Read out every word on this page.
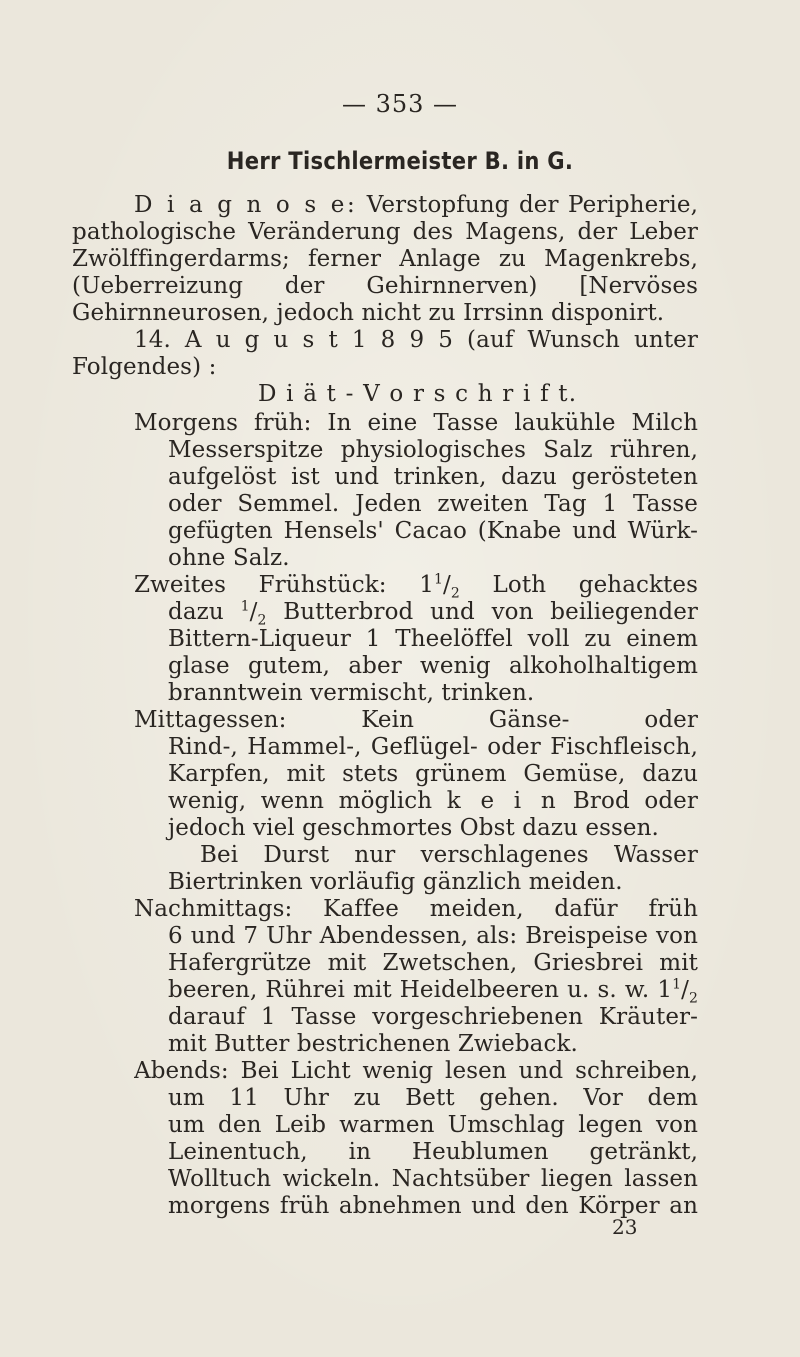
— 353 —
Herr Tischlermeister B. in G.
D i a g n o s e: Verstopfung der Peripherie,
pathologische Veränderung des Magens, der Leber
Zwölffingerdarms; ferner Anlage zu Magenkrebs,
(Ueberreizung der Gehirnnerven) [Nervöses
Gehirnneurosen, jedoch nicht zu Irrsinn disponirt.
14. A u g u s t 1 8 9 5 (auf Wunsch unter
Folgendes) :
D i ä t - V o r s c h r i f t.
Morgens früh: In eine Tasse laukühle Milch
Messerspitze physiologisches Salz rühren,
aufgelöst ist und trinken, dazu gerösteten
oder Semmel. Jeden zweiten Tag 1 Tasse
gefügten Hensels' Cacao (Knabe und Würk-
ohne Salz.
Zweites Frühstück: $1^1/_2$ Loth gehacktes
dazu $^1/_2$ Butterbrod und von beiliegender
Bittern-Liqueur 1 Theelöffel voll zu einem
glase gutem, aber wenig alkoholhaltigem
branntwein vermischt, trinken.
Mittagessen: Kein Gänse- oder
Rind-, Hammel-, Geflügel- oder Fischfleisch,
Karpfen, mit stets grünem Gemüse, dazu
wenig, wenn möglich k e i n Brod oder
jedoch viel geschmortes Obst dazu essen.
Bei Durst nur verschlagenes Wasser
Biertrinken vorläufig gänzlich meiden.
Nachmittags: Kaffee meiden, dafür früh
6 und 7 Uhr Abendessen, als: Breispeise von
Hafergrütze mit Zwetschen, Griesbrei mit
beeren, Rührei mit Heidelbeeren u. s. w. $1^1/_2$
darauf 1 Tasse vorgeschriebenen Kräuter-
mit Butter bestrichenen Zwieback.
Abends: Bei Licht wenig lesen und schreiben,
um 11 Uhr zu Bett gehen. Vor dem
um den Leib warmen Umschlag legen von
Leinentuch, in Heublumen getränkt,
Wolltuch wickeln. Nachtsüber liegen lassen
morgens früh abnehmen und den Körper an
23
